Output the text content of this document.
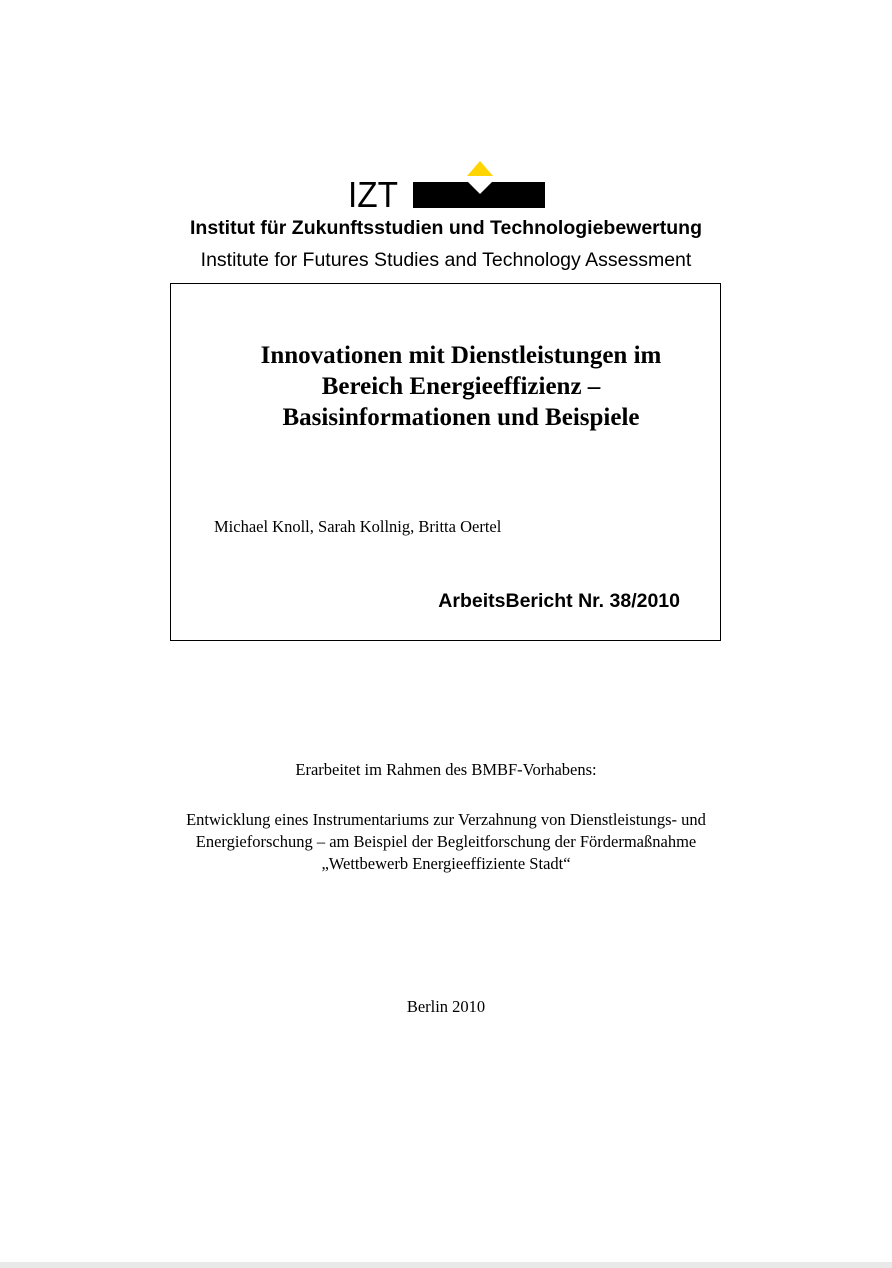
IZT
Institut für Zukunftsstudien und Technologiebewertung
Institute for Futures Studies and Technology Assessment
Innovationen mit Dienstleistungen im
Bereich Energieeffizienz –
Basisinformationen und Beispiele
Michael Knoll, Sarah Kollnig, Britta Oertel
ArbeitsBericht Nr. 38/2010
Erarbeitet im Rahmen des BMBF-Vorhabens:
Entwicklung eines Instrumentariums zur Verzahnung von Dienstleistungs- und
Energieforschung – am Beispiel der Begleitforschung der Fördermaßnahme
„Wettbewerb Energieeffiziente Stadt“
Berlin 2010
